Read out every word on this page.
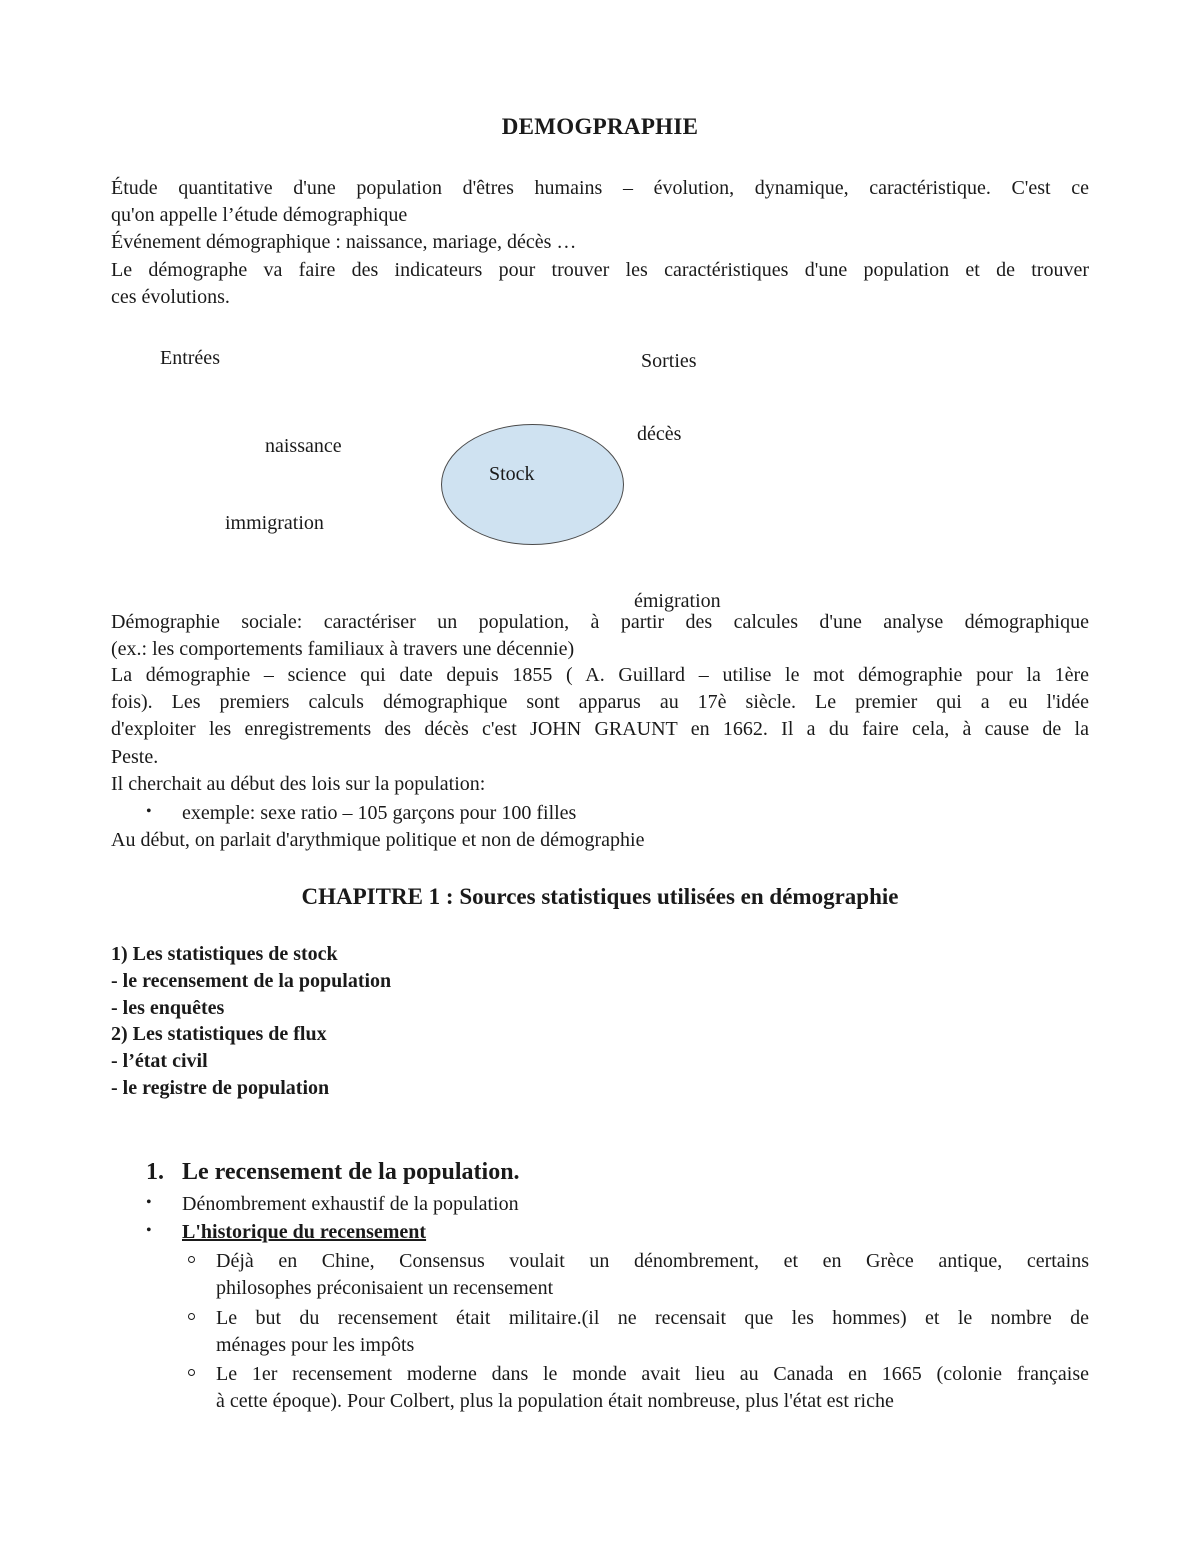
DEMOGPRAPHIE
Étude quantitative d'une population d'êtres humains – évolution, dynamique, caractéristique. C'est ce
qu'on appelle l’étude démographique
Événement démographique : naissance, mariage, décès …
Le démographe va faire des indicateurs pour trouver les caractéristiques d'une population et de trouver
ces évolutions.
Entrées	Sorties
naissance
décès
immigration
Stock
émigration
Démographie sociale: caractériser un population, à partir des calcules d'une analyse démographique
(ex.: les comportements familiaux à travers une décennie)
La démographie – science qui date depuis 1855 ( A. Guillard – utilise le mot démographie pour la 1ère
fois). Les premiers calculs démographique sont apparus au 17è siècle. Le premier qui a eu l'idée
d'exploiter les enregistrements des décès c'est JOHN GRAUNT en 1662. Il a du faire cela, à cause de la
Peste.
Il cherchait au début des lois sur la population:
• exemple: sexe ratio – 105 garçons pour 100 filles
Au début, on parlait d'arythmique politique et non de démographie
CHAPITRE 1 : Sources statistiques utilisées en démographie
1) Les statistiques de stock
- le recensement de la population
- les enquêtes
2) Les statistiques de flux
- l’état civil
- le registre de population
1. Le recensement de la population.
• Dénombrement exhaustif de la population
• L'historique du recensement
Déjà en Chine, Consensus voulait un dénombrement, et en Grèce antique, certains
philosophes préconisaient un recensement
Le but du recensement était militaire.(il ne recensait que les hommes) et le nombre de
ménages pour les impôts
Le 1er recensement moderne dans le monde avait lieu au Canada en 1665 (colonie française
à cette époque). Pour Colbert, plus la population était nombreuse, plus l'état est riche
